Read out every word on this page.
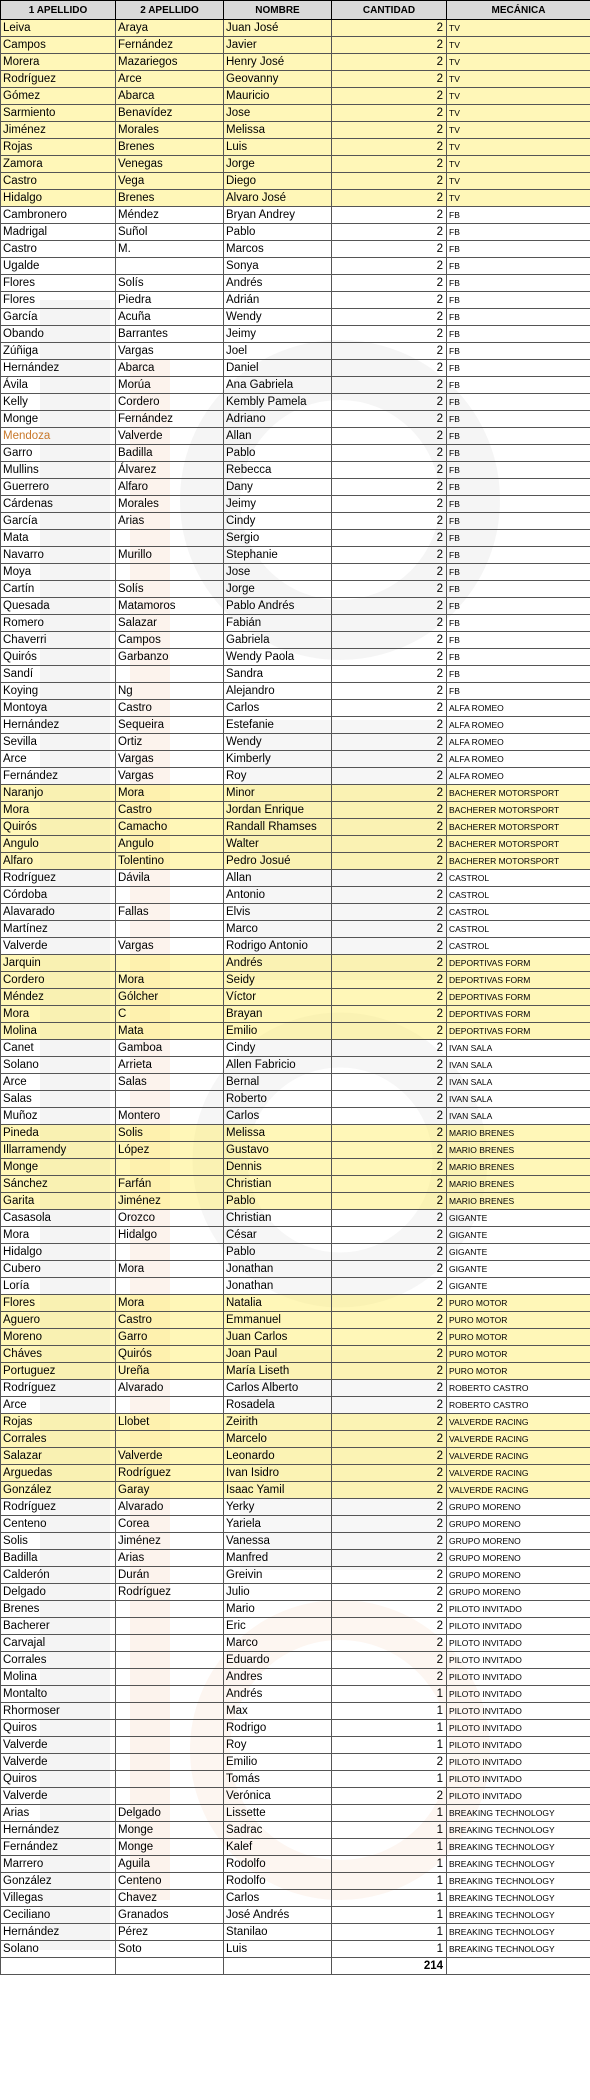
1 APELLIDO	2 APELLIDO	NOMBRE	CANTIDAD	MECÁNICA
Leiva	Araya	Juan José	2	TV
Campos	Fernández	Javier	2	TV
Morera	Mazariegos	Henry José	2	TV
Rodríguez	Arce	Geovanny	2	TV
Gómez	Abarca	Mauricio	2	TV
Sarmiento	Benavídez	Jose	2	TV
Jiménez	Morales	Melissa	2	TV
Rojas	Brenes	Luis	2	TV
Zamora	Venegas	Jorge	2	TV
Castro	Vega	Diego	2	TV
Hidalgo	Brenes	Alvaro José	2	TV
Cambronero	Méndez	Bryan Andrey	2	FB
Madrigal	Suñol	Pablo	2	FB
Castro	M.	Marcos	2	FB
Ugalde		Sonya	2	FB
Flores	Solís	Andrés	2	FB
Flores	Piedra	Adrián	2	FB
García	Acuña	Wendy	2	FB
Obando	Barrantes	Jeimy	2	FB
Zúñiga	Vargas	Joel	2	FB
Hernández	Abarca	Daniel	2	FB
Ávila	Morúa	Ana Gabriela	2	FB
Kelly	Cordero	Kembly Pamela	2	FB
Monge	Fernández	Adriano	2	FB
Mendoza	Valverde	Allan	2	FB
Garro	Badilla	Pablo	2	FB
Mullins	Álvarez	Rebecca	2	FB
Guerrero	Alfaro	Dany	2	FB
Cárdenas	Morales	Jeimy	2	FB
García	Arias	Cindy	2	FB
Mata		Sergio	2	FB
Navarro	Murillo	Stephanie	2	FB
Moya		Jose	2	FB
Cartín	Solís	Jorge	2	FB
Quesada	Matamoros	Pablo Andrés	2	FB
Romero	Salazar	Fabián	2	FB
Chaverri	Campos	Gabriela	2	FB
Quirós	Garbanzo	Wendy Paola	2	FB
Sandí		Sandra	2	FB
Koying	Ng	Alejandro	2	FB
Montoya	Castro	Carlos	2	ALFA ROMEO
Hernández	Sequeira	Estefanie	2	ALFA ROMEO
Sevilla	Ortiz	Wendy	2	ALFA ROMEO
Arce	Vargas	Kimberly	2	ALFA ROMEO
Fernández	Vargas	Roy	2	ALFA ROMEO
Naranjo	Mora	Minor	2	BACHERER MOTORSPORT
Mora	Castro	Jordan Enrique	2	BACHERER MOTORSPORT
Quirós	Camacho	Randall Rhamses	2	BACHERER MOTORSPORT
Angulo	Angulo	Walter	2	BACHERER MOTORSPORT
Alfaro	Tolentino	Pedro Josué	2	BACHERER MOTORSPORT
Rodríguez	Dávila	Allan	2	CASTROL
Córdoba		Antonio	2	CASTROL
Alavarado	Fallas	Elvis	2	CASTROL
Martínez		Marco	2	CASTROL
Valverde	Vargas	Rodrigo Antonio	2	CASTROL
Jarquin		Andrés	2	DEPORTIVAS FORM
Cordero	Mora	Seidy	2	DEPORTIVAS FORM
Méndez	Gólcher	Víctor	2	DEPORTIVAS FORM
Mora	C	Brayan	2	DEPORTIVAS FORM
Molina	Mata	Emilio	2	DEPORTIVAS FORM
Canet	Gamboa	Cindy	2	IVAN SALA
Solano	Arrieta	Allen Fabricio	2	IVAN SALA
Arce	Salas	Bernal	2	IVAN SALA
Salas		Roberto	2	IVAN SALA
Muñoz	Montero	Carlos	2	IVAN SALA
Pineda	Solis	Melissa	2	MARIO BRENES
Illarramendy	López	Gustavo	2	MARIO BRENES
Monge		Dennis	2	MARIO BRENES
Sánchez	Farfán	Christian	2	MARIO BRENES
Garita	Jiménez	Pablo	2	MARIO BRENES
Casasola	Orozco	Christian	2	GIGANTE
Mora	Hidalgo	César	2	GIGANTE
Hidalgo		Pablo	2	GIGANTE
Cubero	Mora	Jonathan	2	GIGANTE
Loría		Jonathan	2	GIGANTE
Flores	Mora	Natalia	2	PURO MOTOR
Aguero	Castro	Emmanuel	2	PURO MOTOR
Moreno	Garro	Juan Carlos	2	PURO MOTOR
Cháves	Quirós	Joan Paul	2	PURO MOTOR
Portuguez	Ureña	María Liseth	2	PURO MOTOR
Rodríguez	Alvarado	Carlos Alberto	2	ROBERTO CASTRO
Arce		Rosadela	2	ROBERTO CASTRO
Rojas	Llobet	Zeirith	2	VALVERDE RACING
Corrales		Marcelo	2	VALVERDE RACING
Salazar	Valverde	Leonardo	2	VALVERDE RACING
Arguedas	Rodríguez	Ivan Isidro	2	VALVERDE RACING
González	Garay	Isaac Yamil	2	VALVERDE RACING
Rodríguez	Alvarado	Yerky	2	GRUPO MORENO
Centeno	Corea	Yariela	2	GRUPO MORENO
Solis	Jiménez	Vanessa	2	GRUPO MORENO
Badilla	Arias	Manfred	2	GRUPO MORENO
Calderón	Durán	Greivin	2	GRUPO MORENO
Delgado	Rodríguez	Julio	2	GRUPO MORENO
Brenes		Mario	2	PILOTO INVITADO
Bacherer		Eric	2	PILOTO INVITADO
Carvajal		Marco	2	PILOTO INVITADO
Corrales		Eduardo	2	PILOTO INVITADO
Molina		Andres	2	PILOTO INVITADO
Montalto		Andrés	1	PILOTO INVITADO
Rhormoser		Max	1	PILOTO INVITADO
Quiros		Rodrigo	1	PILOTO INVITADO
Valverde		Roy	1	PILOTO INVITADO
Valverde		Emilio	2	PILOTO INVITADO
Quiros		Tomás	1	PILOTO INVITADO
Valverde		Verónica	2	PILOTO INVITADO
Arias	Delgado	Lissette	1	BREAKING TECHNOLOGY
Hernández	Monge	Sadrac	1	BREAKING TECHNOLOGY
Fernández	Monge	Kalef	1	BREAKING TECHNOLOGY
Marrero	Aguila	Rodolfo	1	BREAKING TECHNOLOGY
González	Centeno	Rodolfo	1	BREAKING TECHNOLOGY
Villegas	Chavez	Carlos	1	BREAKING TECHNOLOGY
Ceciliano	Granados	José Andrés	1	BREAKING TECHNOLOGY
Hernández	Pérez	Stanilao	1	BREAKING TECHNOLOGY
Solano	Soto	Luis	1	BREAKING TECHNOLOGY
			214	
